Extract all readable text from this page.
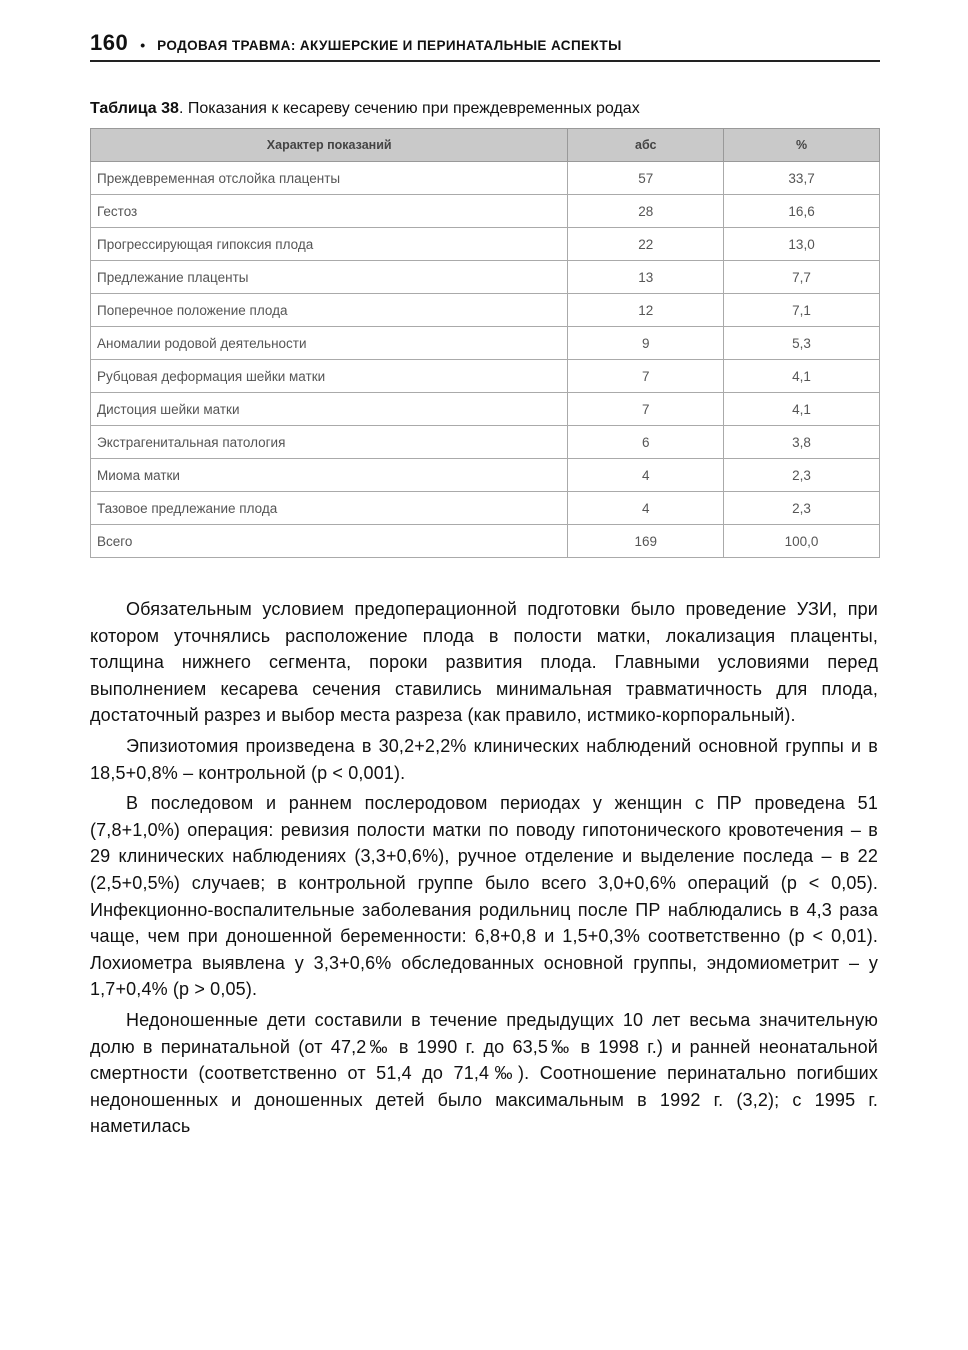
160 • РОДОВАЯ ТРАВМА: АКУШЕРСКИЕ И ПЕРИНАТАЛЬНЫЕ АСПЕКТЫ
Таблица 38. Показания к кесареву сечению при преждевременных родах
Характер показаний	абс	%
Преждевременная отслойка плаценты	57	33,7
Гестоз	28	16,6
Прогрессирующая гипоксия плода	22	13,0
Предлежание плаценты	13	7,7
Поперечное положение плода	12	7,1
Аномалии родовой деятельности	9	5,3
Рубцовая деформация шейки матки	7	4,1
Дистоция шейки матки	7	4,1
Экстрагенитальная патология	6	3,8
Миома матки	4	2,3
Тазовое предлежание плода	4	2,3
Всего	169	100,0

Обязательным условием предоперационной подготовки было проведение УЗИ, при котором уточнялись расположение плода в полости матки, локализация плаценты, толщина нижнего сегмента, пороки развития плода. Главными условиями перед выполнением кесарева сечения ставились минимальная травматичность для плода, достаточный разрез и выбор места разреза (как правило, истмико-корпоральный).

Эпизиотомия произведена в 30,2+2,2% клинических наблюдений основной группы и в 18,5+0,8% – контрольной (p < 0,001).

В последовом и раннем послеродовом периодах у женщин с ПР проведена 51 (7,8+1,0%) операция: ревизия полости матки по поводу гипотонического кровотечения – в 29 клинических наблюдениях (3,3+0,6%), ручное отделение и выделение последа – в 22 (2,5+0,5%) случаев; в контрольной группе было всего 3,0+0,6% операций (p < 0,05). Инфекционно-воспалительные заболевания родильниц после ПР наблюдались в 4,3 раза чаще, чем при доношенной беременности: 6,8+0,8 и 1,5+0,3% соответственно (p < 0,01). Лохиометра выявлена у 3,3+0,6% обследованных основной группы, эндомиометрит – у 1,7+0,4% (p > 0,05).

Недоношенные дети составили в течение предыдущих 10 лет весьма значительную долю в перинатальной (от 47,2‰ в 1990 г. до 63,5‰ в 1998 г.) и ранней неонатальной смертности (соответственно от 51,4 до 71,4‰). Соотношение перинатально погибших недоношенных и доношенных детей было максимальным в 1992 г. (3,2); с 1995 г. наметилась
